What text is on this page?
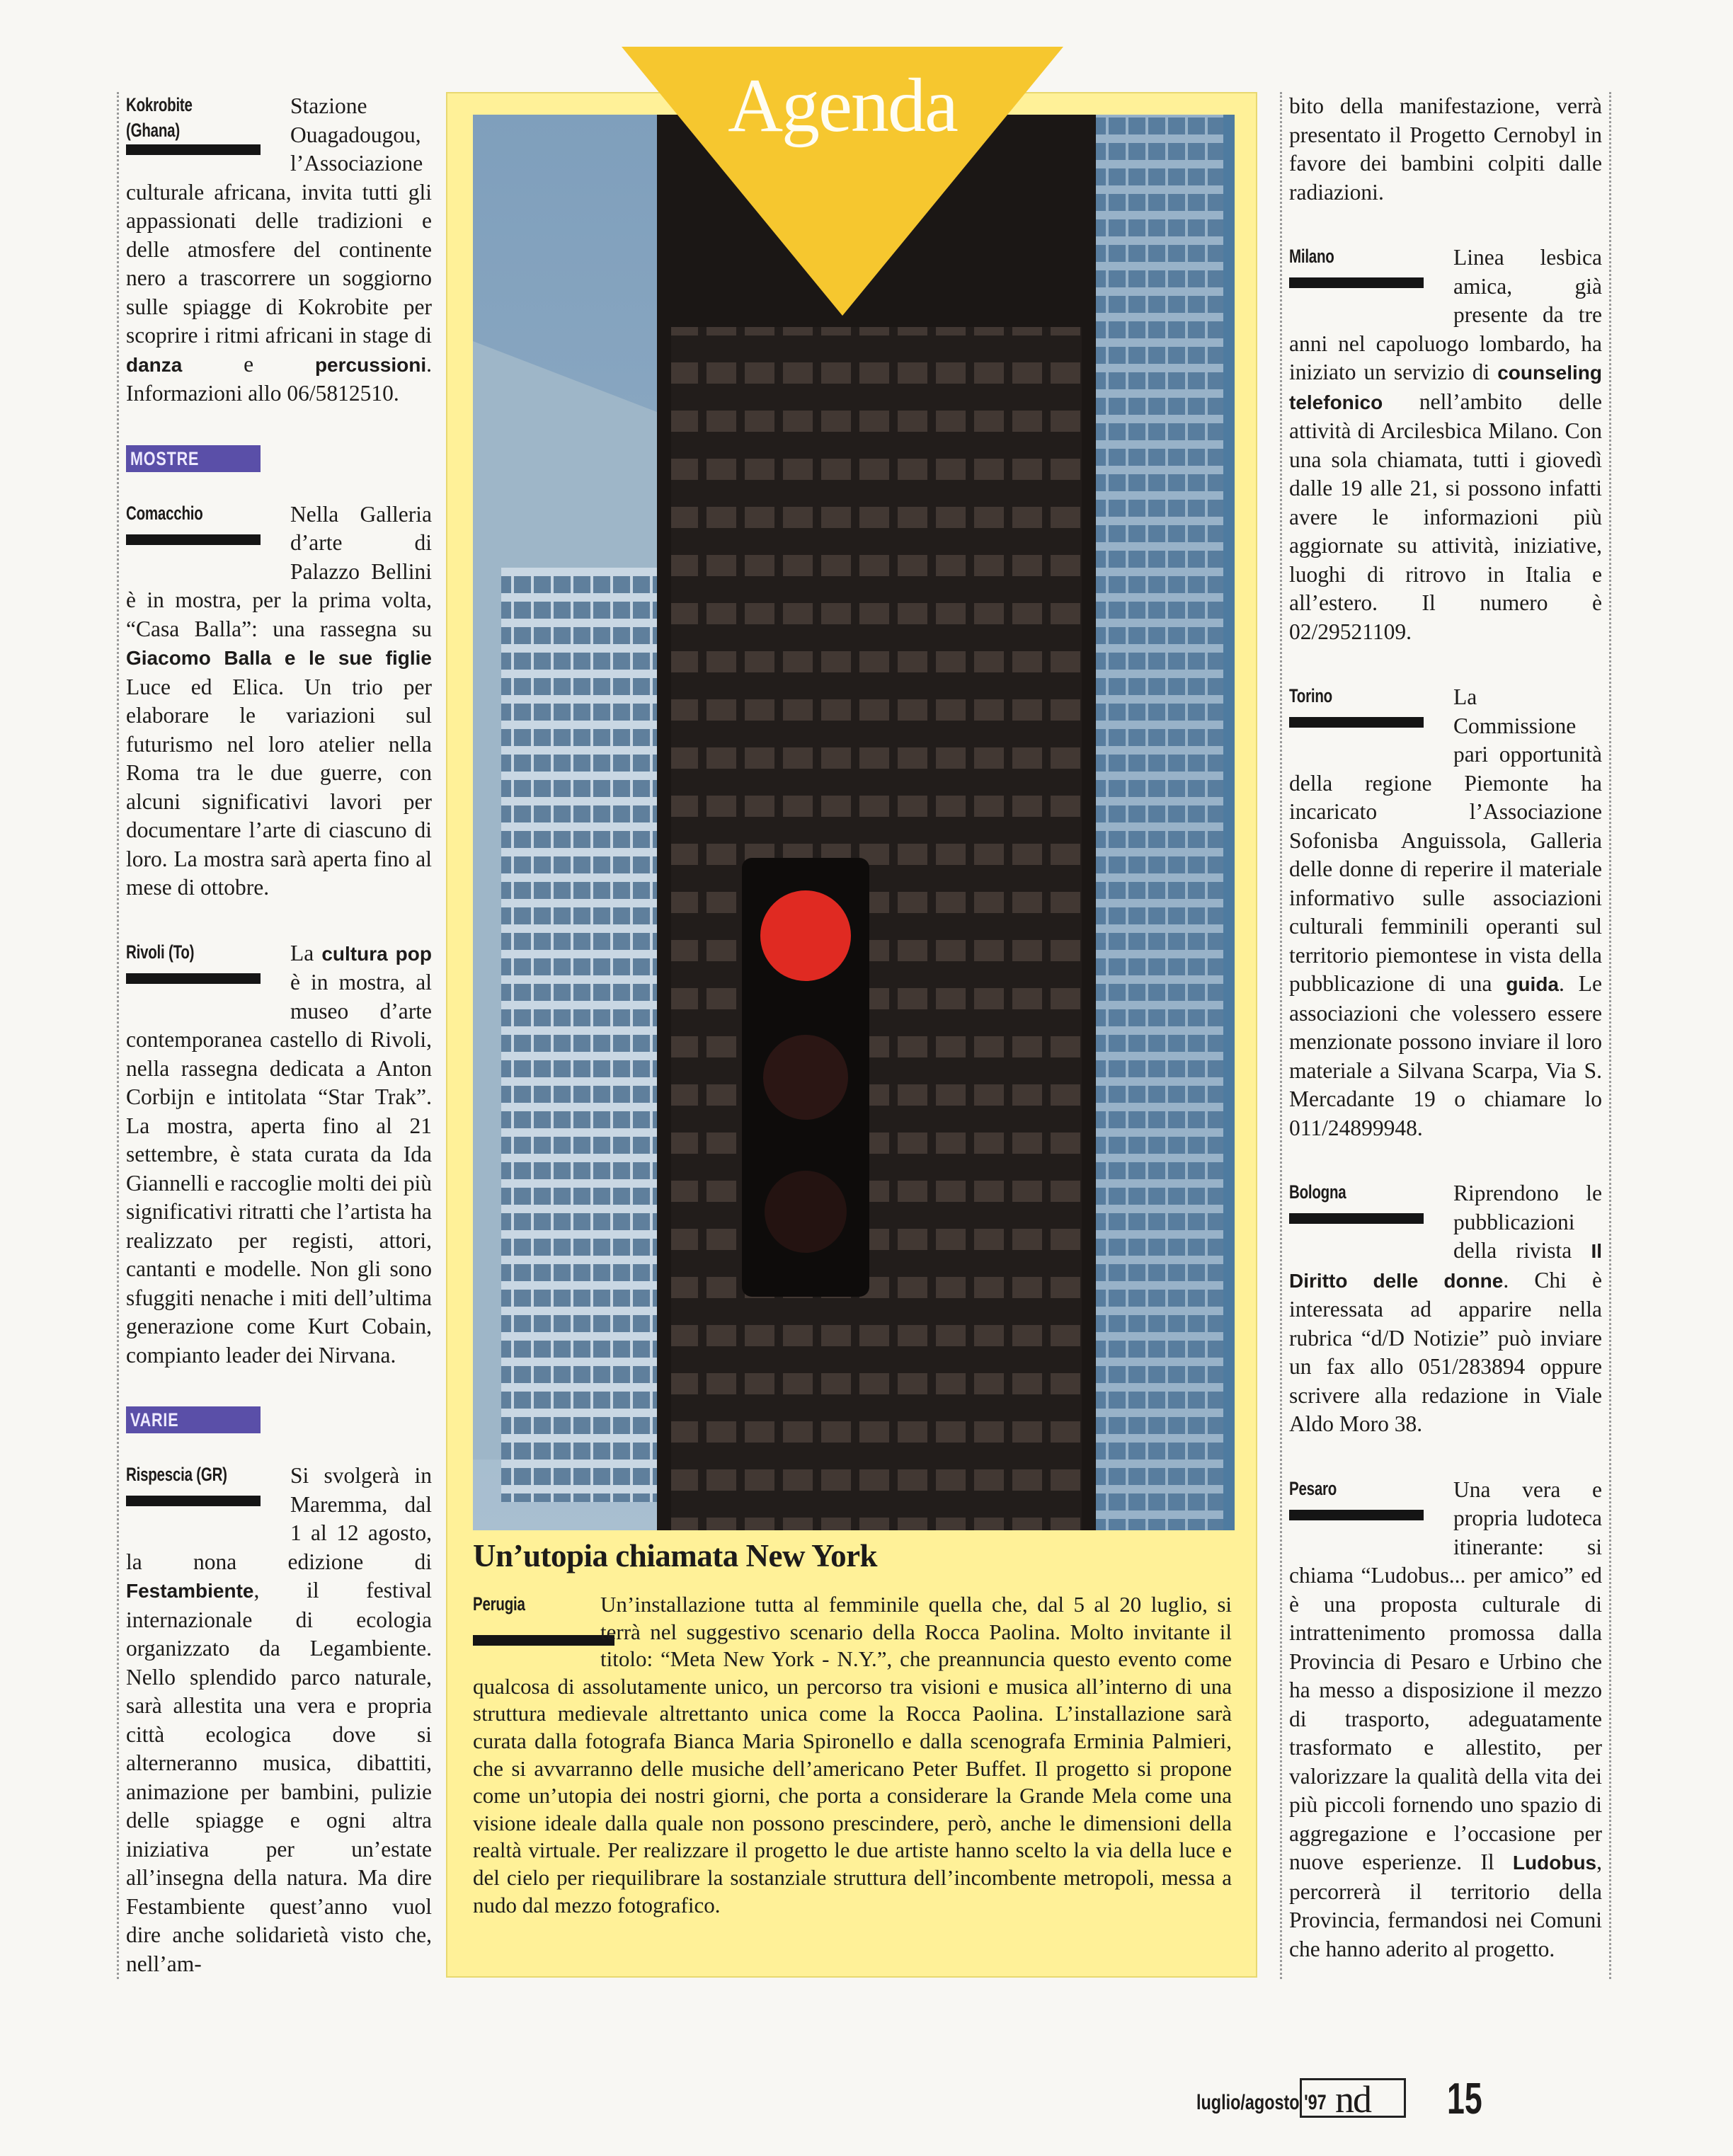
Kokrobite
(Ghana)

Stazione Ouagadougou, l’Associazione culturale africana, invita tutti gli appassionati delle tradizioni e delle atmosfere del continente nero a trascorrere un soggiorno sulle spiagge di Kokrobite per scoprire i ritmi africani in stage di danza e percussioni. Informazioni allo 06/5812510.

MOSTRE
Comacchio	Nella Galleria d’arte di Palazzo Bellini è in mostra, per la prima volta, “Casa Balla”: una rassegna su Giacomo Balla e le sue figlie Luce ed Elica. Un trio per elaborare le variazioni sul futurismo nel loro atelier nella Roma tra le due guerre, con alcuni significativi lavori per documentare l’arte di ciascuno di loro. La mostra sarà aperta fino al mese di ottobre.

Rivoli (To)	La cultura pop è in mostra, al museo d’arte contemporanea castello di Rivoli, nella rassegna dedicata a Anton Corbijn e intitolata “Star Trak”. La mostra, aperta fino al 21 settembre, è stata curata da Ida Giannelli e raccoglie molti dei più significativi ritratti che l’artista ha realizzato per registi, attori, cantanti e modelle. Non gli sono sfuggiti nenache i miti dell’ultima generazione come Kurt Cobain, compianto leader dei Nirvana.

VARIE
Rispescia (GR)	Si svolgerà in Maremma, dal 1 al 12 agosto, la nona edizione di Festambiente, il festival internazionale di ecologia organizzato da Legambiente. Nello splendido parco naturale, sarà allestita una vera e propria città ecologica dove si alterneranno musica, dibattiti, animazione per bambini, pulizie delle spiagge e ogni altra iniziativa per un’estate all’insegna della natura. Ma dire Festambiente quest’anno vuol dire anche solidarietà visto che, nell’am-

Un’utopia chiamata New York
Perugia	Un’installazione tutta al femminile quella che, dal 5 al 20 luglio, si terrà nel suggestivo scenario della Rocca Paolina. Molto invitante il titolo: “Meta New York - N.Y.”, che preannuncia questo evento come qualcosa di assolutamente unico, un percorso tra visioni e musica all’interno di una struttura medievale altrettanto unica come la Rocca Paolina. L’installazione sarà curata dalla fotografa Bianca Maria Spironello e dalla scenografa Erminia Palmieri, che si avvarranno delle musiche dell’americano Peter Buffet. Il progetto si propone come un’utopia dei nostri giorni, che porta a considerare la Grande Mela come una visione ideale dalla quale non possono prescindere, però, anche le dimensioni della realtà virtuale. Per realizzare il progetto le due artiste hanno scelto la via della luce e del cielo per riequilibrare la sostanziale struttura dell’incombente metropoli, messa a nudo dal mezzo fotografico.

Agenda	bito della manifestazione, verrà presentato il Progetto Cernobyl in favore dei bambini colpiti dalle radiazioni.

Milano	Linea lesbica amica, già presente da tre anni nel capoluogo lombardo, ha iniziato un servizio di counseling telefonico nell’ambito delle attività di Arcilesbica Milano. Con una sola chiamata, tutti i giovedì dalle 19 alle 21, si possono infatti avere le informazioni più aggiornate su attività, iniziative, luoghi di ritrovo in Italia e all’estero. Il numero è 02/29521109.

Torino	La Commissione pari opportunità della regione Piemonte ha incaricato l’Associazione Sofonisba Anguissola, Galleria delle donne di reperire il materiale informativo sulle associazioni culturali femminili operanti sul territorio piemontese in vista della pubblicazione di una guida. Le associazioni che volessero essere menzionate possono inviare il loro materiale a Silvana Scarpa, Via S. Mercadante 19 o chiamare lo 011/24899948.

Bologna	Riprendono le pubblicazioni della rivista Il Diritto delle donne. Chi è interessata ad apparire nella rubrica “d/D Notizie” può inviare un fax allo 051/283894 oppure scrivere alla redazione in Viale Aldo Moro 38.

Pesaro	Una vera e propria ludoteca itinerante: si chiama “Ludobus... per amico” ed è una proposta culturale di intrattenimento promossa dalla Provincia di Pesaro e Urbino che ha messo a disposizione il mezzo di trasporto, adeguatamente trasformato e allestito, per valorizzare la qualità della vita dei più piccoli fornendo uno spazio di aggregazione e l’occasione per nuove esperienze. Il Ludobus, percorrerà il territorio della Provincia, fermandosi nei Comuni che hanno aderito al progetto.

luglio/agosto '97 nd	15
